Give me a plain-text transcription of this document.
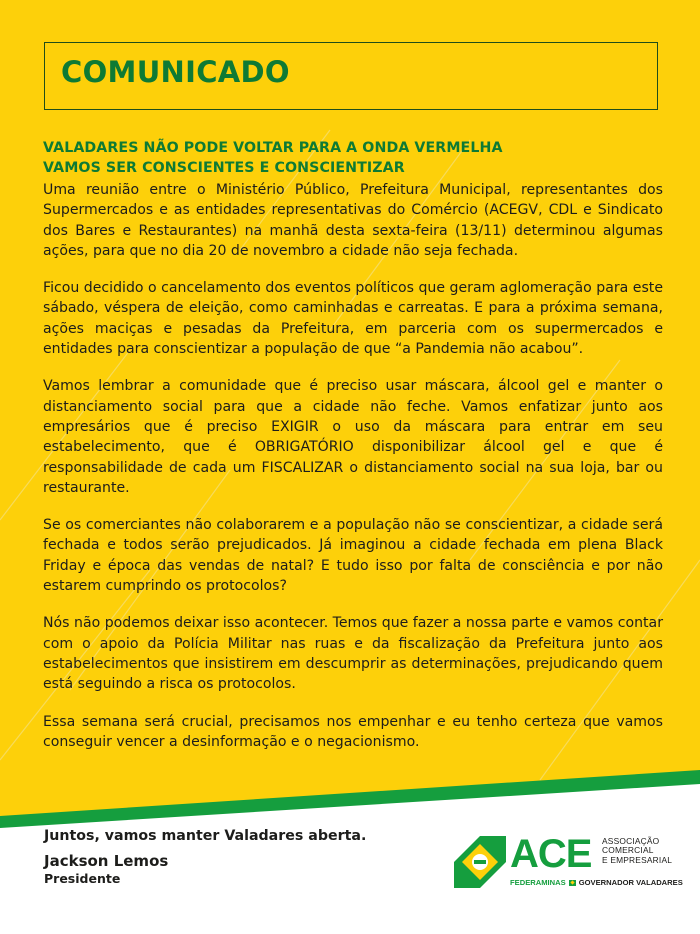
COMUNICADO

VALADARES NÃO PODE VOLTAR PARA A ONDA VERMELHA

VAMOS SER CONSCIENTES E CONSCIENTIZAR

Uma reunião entre o Ministério Público, Prefeitura Municipal, representantes dos Supermercados e as entidades representativas do Comércio (ACEGV, CDL e Sindicato dos Bares e Restaurantes) na manhã desta sexta-feira (13/11) determinou algumas ações, para que no dia 20 de novembro a cidade não seja fechada.

Ficou decidido o cancelamento dos eventos políticos que geram aglomeração para este sábado, véspera de eleição, como caminhadas e carreatas. E para a próxima semana, ações maciças e pesadas da Prefeitura, em parceria com os supermercados e entidades para conscientizar a população de que “a Pandemia não acabou”.

Vamos lembrar a comunidade que é preciso usar máscara, álcool gel e manter o distanciamento social para que a cidade não feche. Vamos enfatizar junto aos empresários que é preciso EXIGIR o uso da máscara para entrar em seu estabelecimento, que é OBRIGATÓRIO disponibilizar álcool gel e que é responsabilidade de cada um FISCALIZAR o distanciamento social na sua loja, bar ou restaurante.

Se os comerciantes não colaborarem e a população não se conscientizar, a cidade será fechada e todos serão prejudicados. Já imaginou a cidade fechada em plena Black Friday e época das vendas de natal? E tudo isso por falta de consciência e por não estarem cumprindo os protocolos?

Nós não podemos deixar isso acontecer. Temos que fazer a nossa parte e vamos contar com o apoio da Polícia Militar nas ruas e da fiscalização da Prefeitura junto aos estabelecimentos que insistirem em descumprir as determinações, prejudicando quem está seguindo a risca os protocolos.

Essa semana será crucial, precisamos nos empenhar e eu tenho certeza que vamos conseguir vencer a desinformação e o negacionismo.

Juntos, vamos manter Valadares aberta.

Jackson Lemos

Presidente

ACE ASSOCIAÇÃO
COMERCIAL
E EMPRESARIAL
FEDERAMINAS GOVERNADOR VALADARES
